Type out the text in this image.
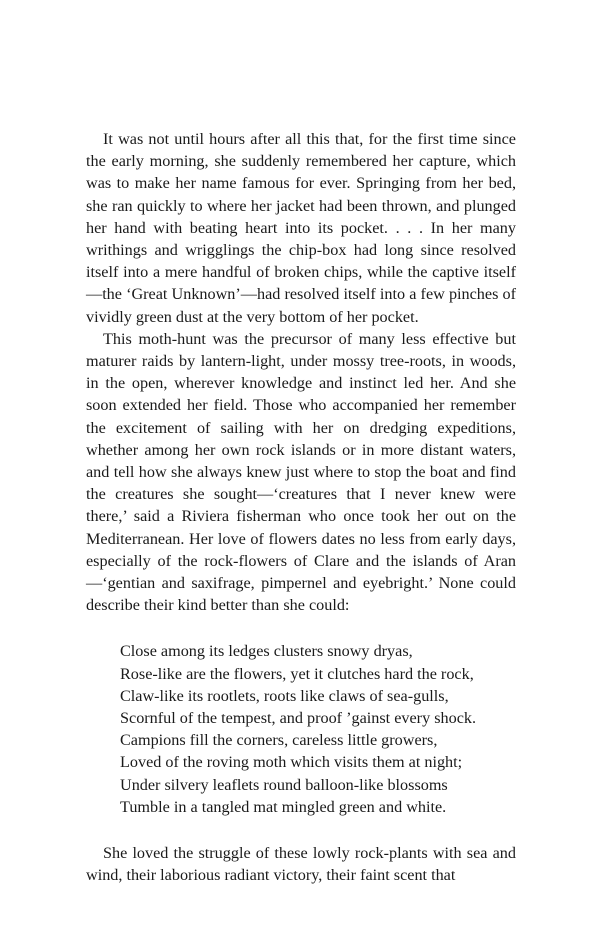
It was not until hours after all this that, for the first time since the early morning, she suddenly remembered her capture, which was to make her name famous for ever. Springing from her bed, she ran quickly to where her jacket had been thrown, and plunged her hand with beating heart into its pocket. . . . In her many writhings and wrigglings the chip-box had long since resolved itself into a mere handful of broken chips, while the captive itself—the ‘Great Unknown’—had resolved itself into a few pinches of vividly green dust at the very bottom of her pocket.

This moth-hunt was the precursor of many less effective but maturer raids by lantern-light, under mossy tree-roots, in woods, in the open, wherever knowledge and instinct led her. And she soon extended her field. Those who accompanied her remember the excitement of sailing with her on dredging expeditions, whether among her own rock islands or in more distant waters, and tell how she always knew just where to stop the boat and find the creatures she sought—‘creatures that I never knew were there,’ said a Riviera fisherman who once took her out on the Mediterranean. Her love of flowers dates no less from early days, especially of the rock-flowers of Clare and the islands of Aran—‘gentian and saxifrage, pimpernel and eyebright.’ None could describe their kind better than she could:

Close among its ledges clusters snowy dryas,
Rose-like are the flowers, yet it clutches hard the rock,
Claw-like its rootlets, roots like claws of sea-gulls,
Scornful of the tempest, and proof ’gainst every shock.
Campions fill the corners, careless little growers,
Loved of the roving moth which visits them at night;
Under silvery leaflets round balloon-like blossoms
Tumble in a tangled mat mingled green and white.

She loved the struggle of these lowly rock-plants with sea and wind, their laborious radiant victory, their faint scent that
